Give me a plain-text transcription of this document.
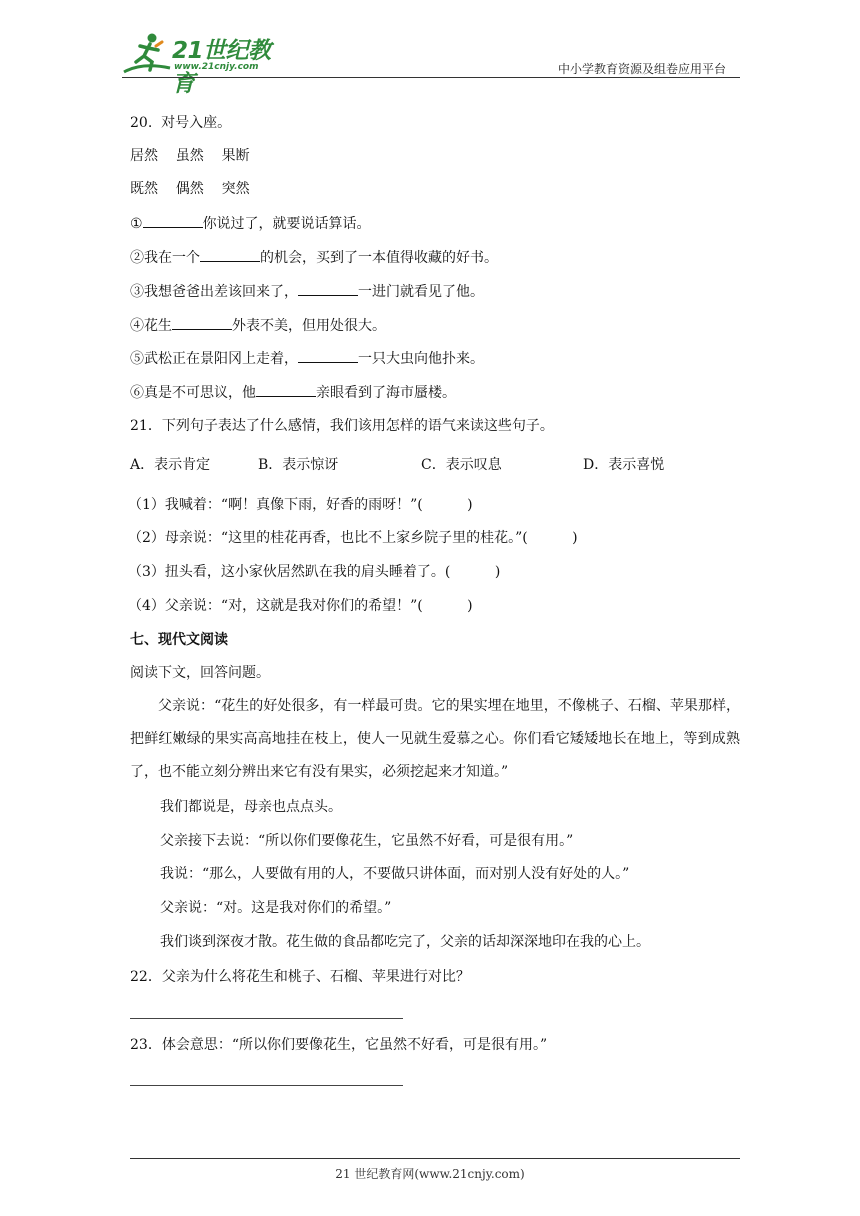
21世纪教育
www.21cnjy.com	中小学教育资源及组卷应用平台
20.  对号入座。
居然    虽然    果断
既然    偶然    突然
①	你说过了，就要说话算话。
②我在一个	的机会，买到了一本值得收藏的好书。
③我想爸爸出差该回来了，	一进门就看见了他。
④花生	外表不美，但用处很大。
⑤武松正在景阳冈上走着，	一只大虫向他扑来。
⑥真是不可思议，他	亲眼看到了海市蜃楼。
21．下列句子表达了什么感情，我们该用怎样的语气来读这些句子。
A．表示肯定	B．表示惊讶	C．表示叹息	D．表示喜悦
（1）我喊着：“啊！真像下雨，好香的雨呀！”(          )
（2）母亲说：“这里的桂花再香，也比不上家乡院子里的桂花。”(          )
（3）扭头看，这小家伙居然趴在我的肩头睡着了。(          )
（4）父亲说：“对，这就是我对你们的希望！”(          )
七、现代文阅读
阅读下文，回答问题。
父亲说：“花生的好处很多，有一样最可贵。它的果实埋在地里，不像桃子、石榴、苹果那样，把鲜红嫩绿的果实高高地挂在枝上，使人一见就生爱慕之心。你们看它矮矮地长在地上，等到成熟了，也不能立刻分辨出来它有没有果实，必须挖起来才知道。”
我们都说是，母亲也点点头。
父亲接下去说：“所以你们要像花生，它虽然不好看，可是很有用。”
我说：“那么，人要做有用的人，不要做只讲体面，而对别人没有好处的人。”
父亲说：“对。这是我对你们的希望。”
我们谈到深夜才散。花生做的食品都吃完了，父亲的话却深深地印在我的心上。
22．父亲为什么将花生和桃子、石榴、苹果进行对比？
23．体会意思：“所以你们要像花生，它虽然不好看，可是很有用。”
21 世纪教育网(www.21cnjy.com)
